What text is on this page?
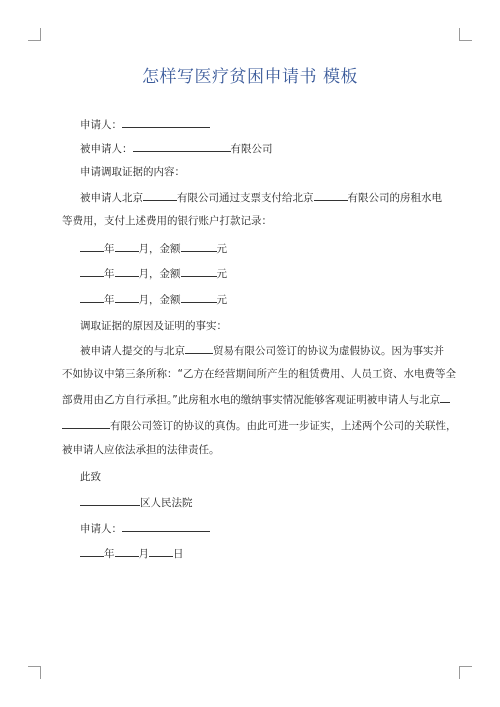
怎样写医疗贫困申请书 模板
申请人：
被申请人：	有限公司
申请调取证据的内容：
被申请人北京	有限公司通过支票支付给北京	有限公司的房租水电
等费用，支付上述费用的银行账户打款记录：
年 月，金额	元
年 月，金额	元
年 月，金额	元
调取证据的原因及证明的事实：
被申请人提交的与北京	贸易有限公司签订的协议为虚假协议。因为事实并
不如协议中第三条所称：“乙方在经营期间所产生的租赁费用、人员工资、水电费等全
部费用由乙方自行承担。”此房租水电的缴纳事实情况能够客观证明被申请人与北京
有限公司签订的协议的真伪。由此可进一步证实，上述两个公司的关联性，
被申请人应依法承担的法律责任。
此致
区人民法院
申请人：
年 月 日
